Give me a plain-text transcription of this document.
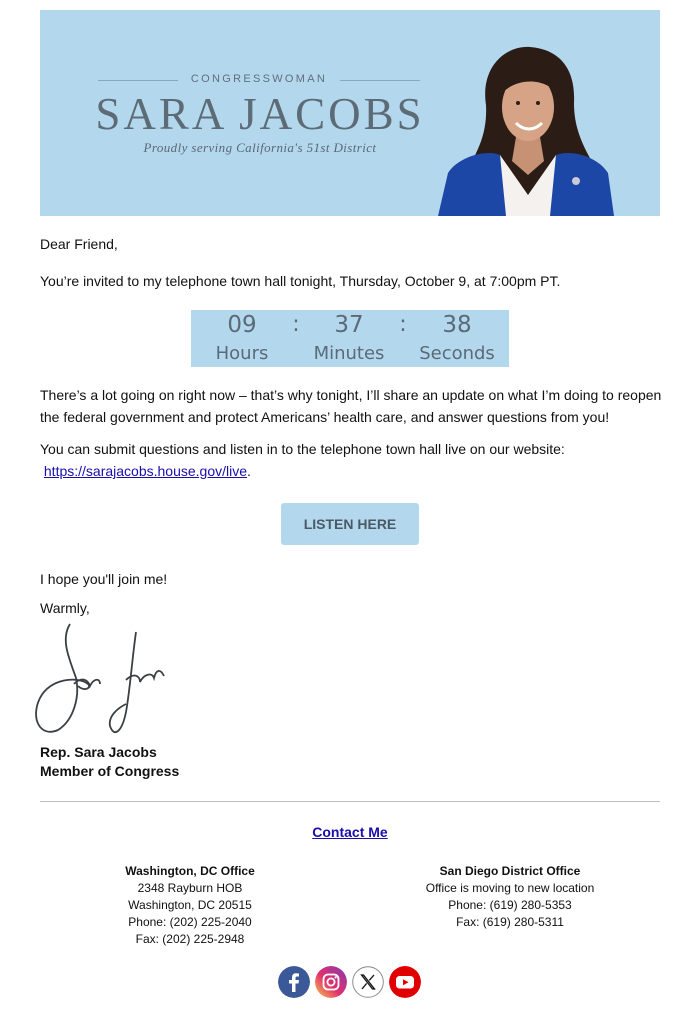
CONGRESSWOMAN
SARA JACOBS
Proudly serving California's 51st District
Dear Friend,
You’re invited to my telephone town hall tonight, Thursday, October 9, at 7:00pm PT.
09	:	37	:	38
Hours	Minutes	Seconds
There’s a lot going on right now – that’s why tonight, I’ll share an update on what I’m doing to reopen the federal government and protect Americans’ health care, and answer questions from you!
You can submit questions and listen in to the telephone town hall live on our website:
https://sarajacobs.house.gov/live.
LISTEN HERE
I hope you'll join me!
Warmly,
Rep. Sara Jacobs
Member of Congress
Contact Me
Washington, DC Office
2348 Rayburn HOB
Washington, DC 20515
Phone: (202) 225-2040
Fax: (202) 225-2948
San Diego District Office
Office is moving to new location
Phone: (619) 280-5353
Fax: (619) 280-5311
